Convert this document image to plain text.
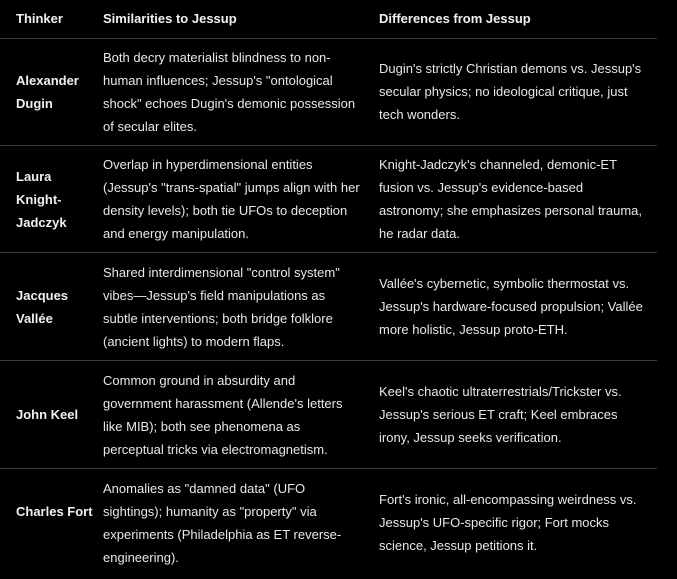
Thinker	Similarities to Jessup	Differences from Jessup
Alexander Dugin
Both decry materialist blindness to non-human influences; Jessup's "ontological shock" echoes Dugin's demonic possession of secular elites.
Dugin's strictly Christian demons vs. Jessup's secular physics; no ideological critique, just tech wonders.
Laura Knight-Jadczyk
Overlap in hyperdimensional entities (Jessup's "trans-spatial" jumps align with her density levels); both tie UFOs to deception and energy manipulation.
Knight-Jadczyk's channeled, demonic-ET fusion vs. Jessup's evidence-based astronomy; she emphasizes personal trauma, he radar data.
Jacques Vallée
Shared interdimensional "control system" vibes—Jessup's field manipulations as subtle interventions; both bridge folklore (ancient lights) to modern flaps.
Vallée's cybernetic, symbolic thermostat vs. Jessup's hardware-focused propulsion; Vallée more holistic, Jessup proto-ETH.
John Keel
Common ground in absurdity and government harassment (Allende's letters like MIB); both see phenomena as perceptual tricks via electromagnetism.
Keel's chaotic ultraterrestrials/Trickster vs. Jessup's serious ET craft; Keel embraces irony, Jessup seeks verification.
Charles Fort
Anomalies as "damned data" (UFO sightings); humanity as "property" via experiments (Philadelphia as ET reverse-engineering).
Fort's ironic, all-encompassing weirdness vs. Jessup's UFO-specific rigor; Fort mocks science, Jessup petitions it.
